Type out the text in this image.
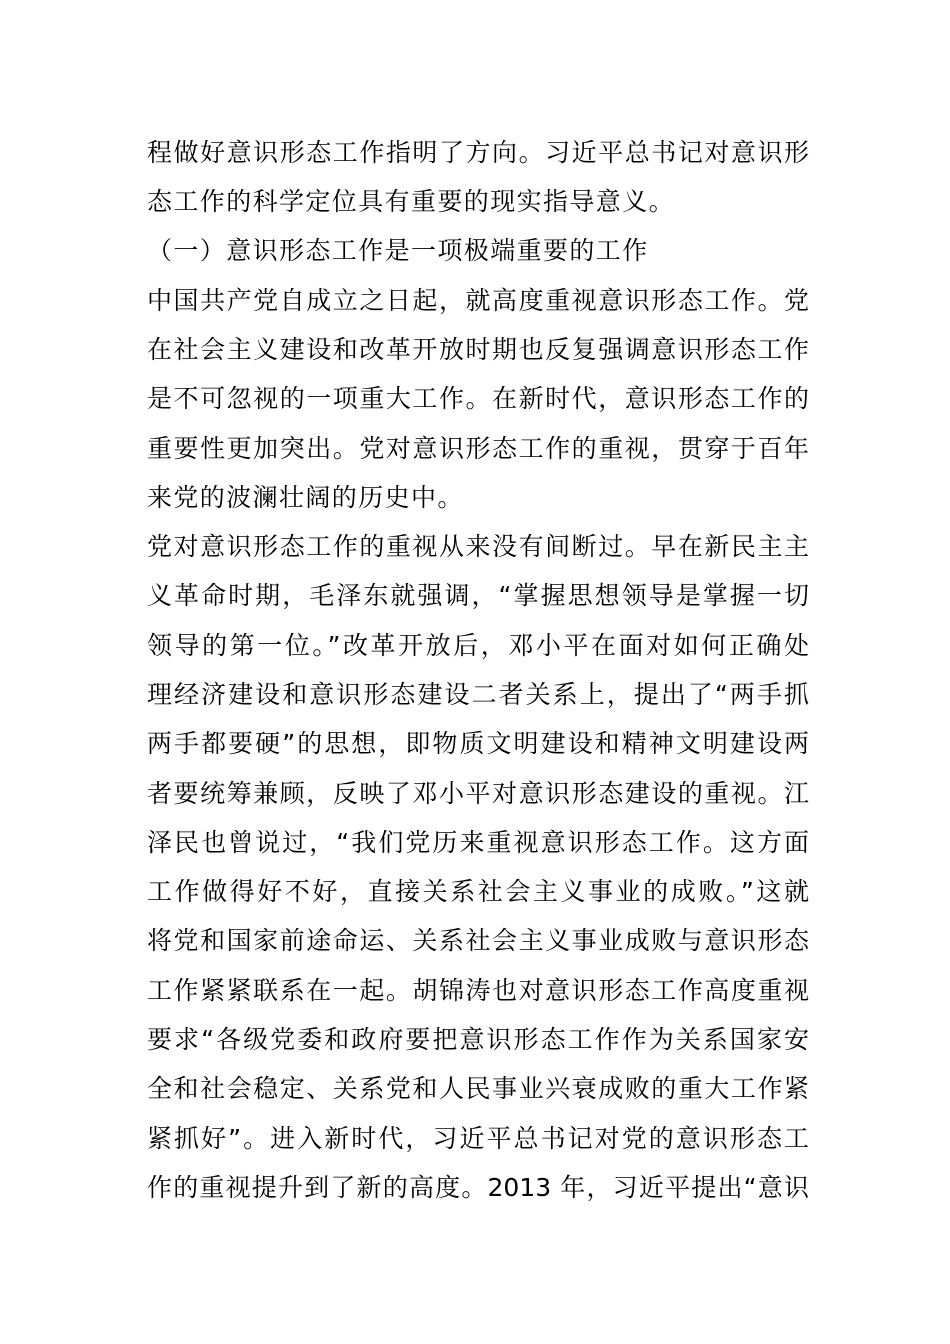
程做好意识形态工作指明了方向。习近平总书记对意识形
态工作的科学定位具有重要的现实指导意义。
（一）意识形态工作是一项极端重要的工作
中国共产党自成立之日起，就高度重视意识形态工作。党
在社会主义建设和改革开放时期也反复强调意识形态工作
是不可忽视的一项重大工作。在新时代，意识形态工作的
重要性更加突出。党对意识形态工作的重视，贯穿于百年
来党的波澜壮阔的历史中。
党对意识形态工作的重视从来没有间断过。早在新民主主
义革命时期，毛泽东就强调，“掌握思想领导是掌握一切
领导的第一位。”改革开放后，邓小平在面对如何正确处
理经济建设和意识形态建设二者关系上，提出了“两手抓
两手都要硬”的思想，即物质文明建设和精神文明建设两
者要统筹兼顾，反映了邓小平对意识形态建设的重视。江
泽民也曾说过，“我们党历来重视意识形态工作。这方面
工作做得好不好，直接关系社会主义事业的成败。”这就
将党和国家前途命运、关系社会主义事业成败与意识形态
工作紧紧联系在一起。胡锦涛也对意识形态工作高度重视
要求“各级党委和政府要把意识形态工作作为关系国家安
全和社会稳定、关系党和人民事业兴衰成败的重大工作紧
紧抓好”。进入新时代，习近平总书记对党的意识形态工
作的重视提升到了新的高度。2013 年，习近平提出“意识
